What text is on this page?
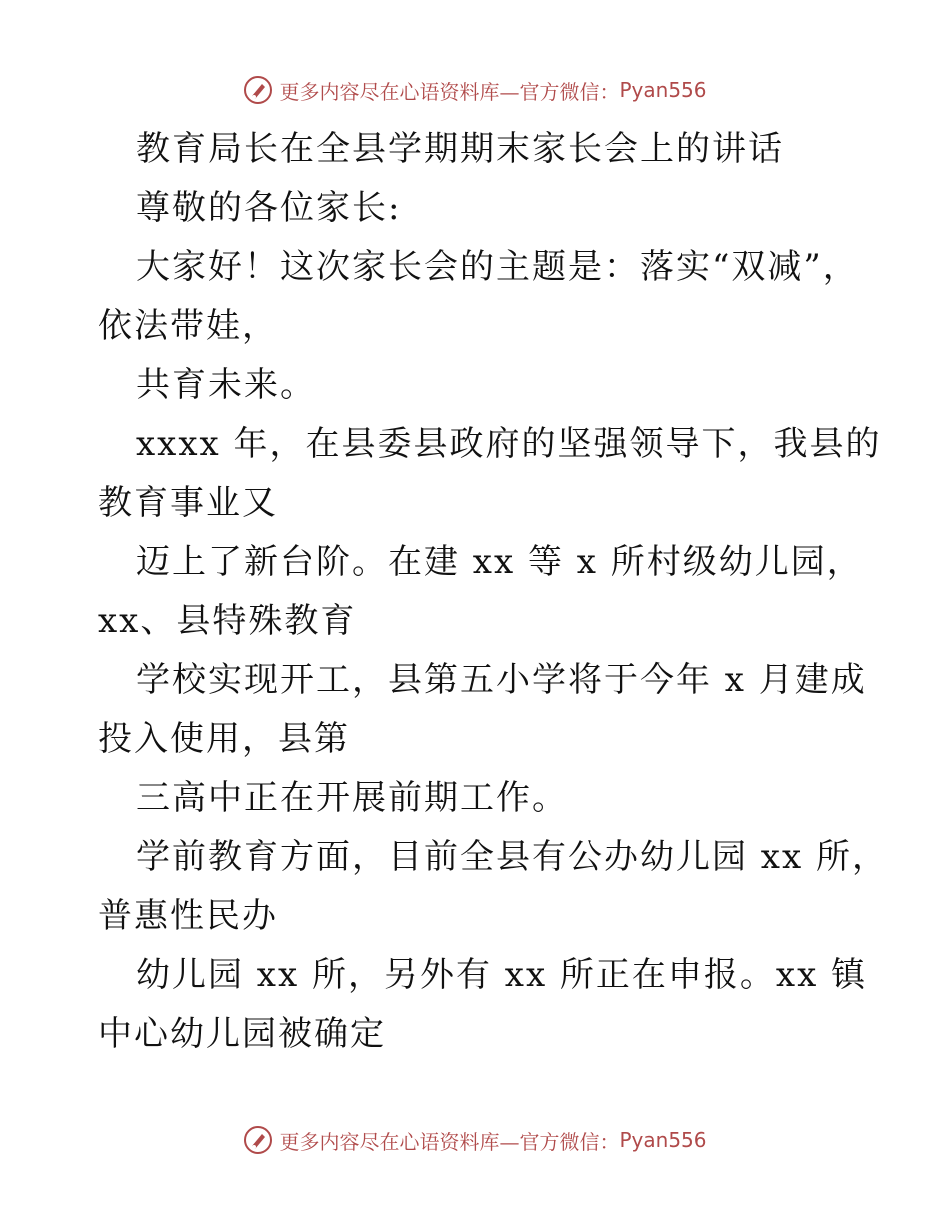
更多内容尽在心语资料库—官方微信： Pyan556
教育局长在全县学期期末家长会上的讲话
尊敬的各位家长:
大家好！这次家长会的主题是：落实“双减”，
依法带娃，
共育未来。
xxxx 年，在县委县政府的坚强领导下，我县的
教育事业又
迈上了新台阶。在建 xx 等 x 所村级幼儿园，
xx、县特殊教育
学校实现开工，县第五小学将于今年 x 月建成
投入使用，县第
三高中正在开展前期工作。
学前教育方面，目前全县有公办幼儿园 xx 所，
普惠性民办
幼儿园 xx 所，另外有 xx 所正在申报。xx 镇
中心幼儿园被确定
更多内容尽在心语资料库—官方微信： Pyan556
